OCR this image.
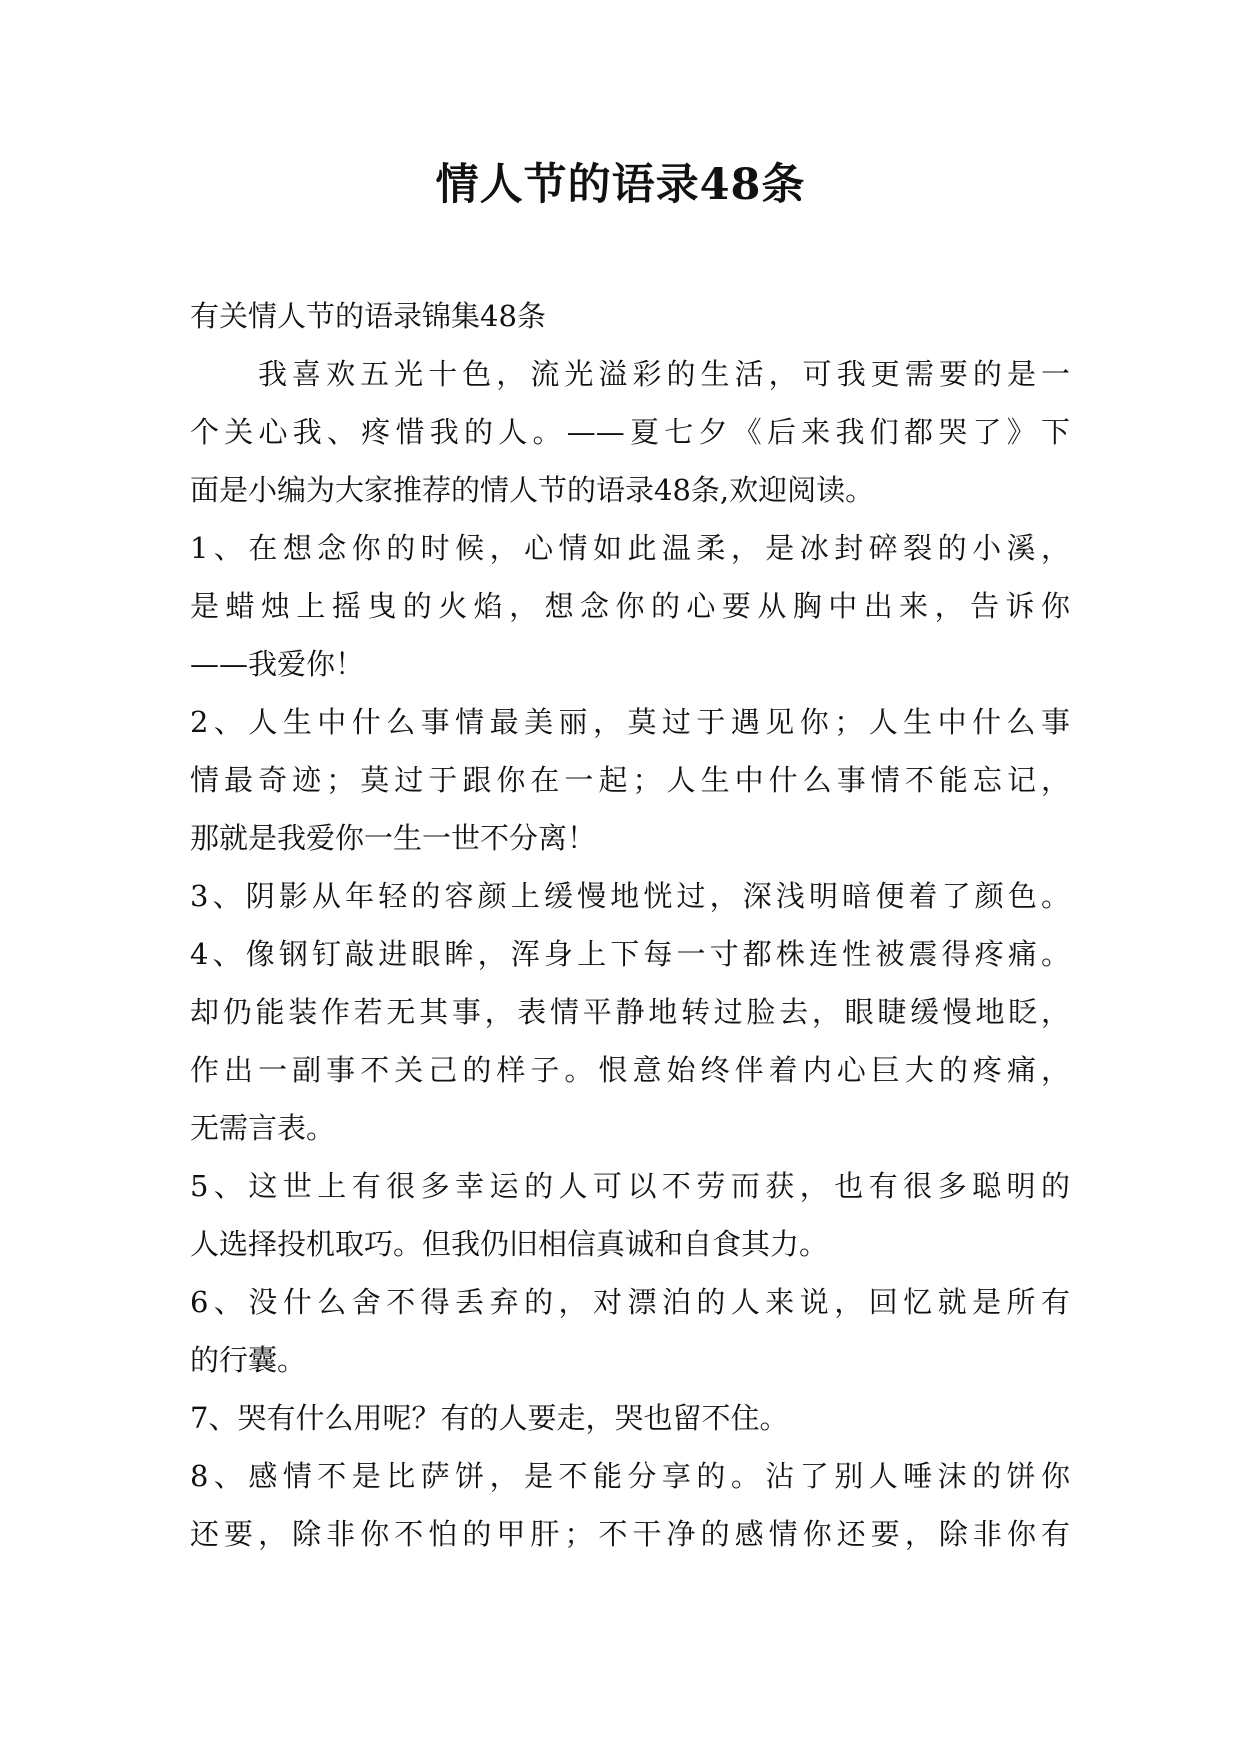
情人节的语录48条
有关情人节的语录锦集48条
我喜欢五光十色，流光溢彩的生活，可我更需要的是一
个关心我、疼惜我的人。——夏七夕《后来我们都哭了》下
面是小编为大家推荐的情人节的语录48条,欢迎阅读。
1、在想念你的时候，心情如此温柔，是冰封碎裂的小溪，
是蜡烛上摇曳的火焰，想念你的心要从胸中出来，告诉你
——我爱你！
2、人生中什么事情最美丽，莫过于遇见你；人生中什么事
情最奇迹；莫过于跟你在一起；人生中什么事情不能忘记，
那就是我爱你一生一世不分离！
3、阴影从年轻的容颜上缓慢地恍过，深浅明暗便着了颜色。
4、像钢钉敲进眼眸，浑身上下每一寸都株连性被震得疼痛。
却仍能装作若无其事，表情平静地转过脸去，眼睫缓慢地眨，
作出一副事不关己的样子。恨意始终伴着内心巨大的疼痛，
无需言表。
5、这世上有很多幸运的人可以不劳而获，也有很多聪明的
人选择投机取巧。但我仍旧相信真诚和自食其力。
6、没什么舍不得丢弃的，对漂泊的人来说，回忆就是所有
的行囊。
7、哭有什么用呢？有的人要走，哭也留不住。
8、感情不是比萨饼，是不能分享的。沾了别人唾沫的饼你
还要，除非你不怕的甲肝；不干净的感情你还要，除非你有
